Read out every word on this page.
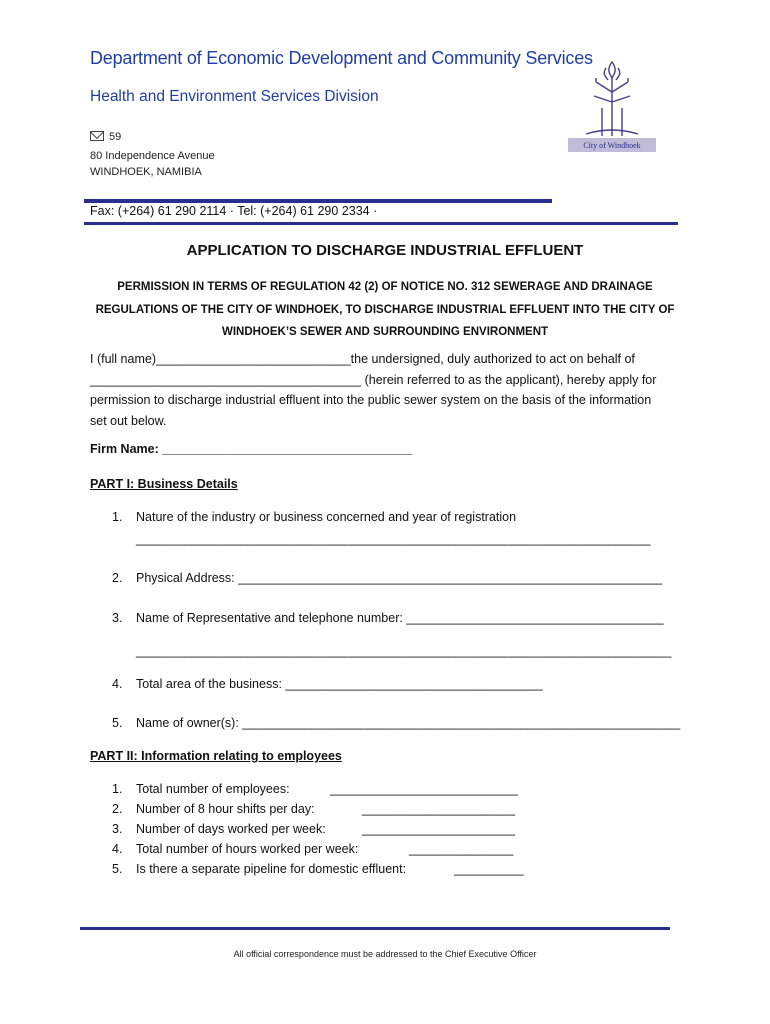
Department of Economic Development and Community Services
Health and Environment Services Division
59
80 Independence Avenue
WINDHOEK, NAMIBIA
City of Windhoek
Fax: (+264) 61 290 2114 · Tel: (+264) 61 290 2334 ·
APPLICATION TO DISCHARGE INDUSTRIAL EFFLUENT
PERMISSION IN TERMS OF REGULATION 42 (2) OF NOTICE NO. 312 SEWERAGE AND DRAINAGE
REGULATIONS OF THE CITY OF WINDHOEK, TO DISCHARGE INDUSTRIAL EFFLUENT INTO THE CITY OF
WINDHOEK’S SEWER AND SURROUNDING ENVIRONMENT
I (full name)____________________________the undersigned, duly authorized to act on behalf of
_______________________________________ (herein referred to as the applicant), hereby apply for
permission to discharge industrial effluent into the public sewer system on the basis of the information
set out below.
Firm Name: ____________________________________
PART I: Business Details
1.	Nature of the industry or business concerned and year of registration
__________________________________________________________________________
2.	Physical Address: _____________________________________________________________
3.	Name of Representative and telephone number: _____________________________________
_____________________________________________________________________________
4.	Total area of the business: _____________________________________
5.	Name of owner(s): _______________________________________________________________
PART II: Information relating to employees
1.	Total number of employees:	___________________________
2.	Number of 8 hour shifts per day:	______________________
3.	Number of days worked per week:	______________________
4.	Total number of hours worked per week:	_______________
5.	Is there a separate pipeline for domestic effluent:	__________
All official correspondence must be addressed to the Chief Executive Officer
